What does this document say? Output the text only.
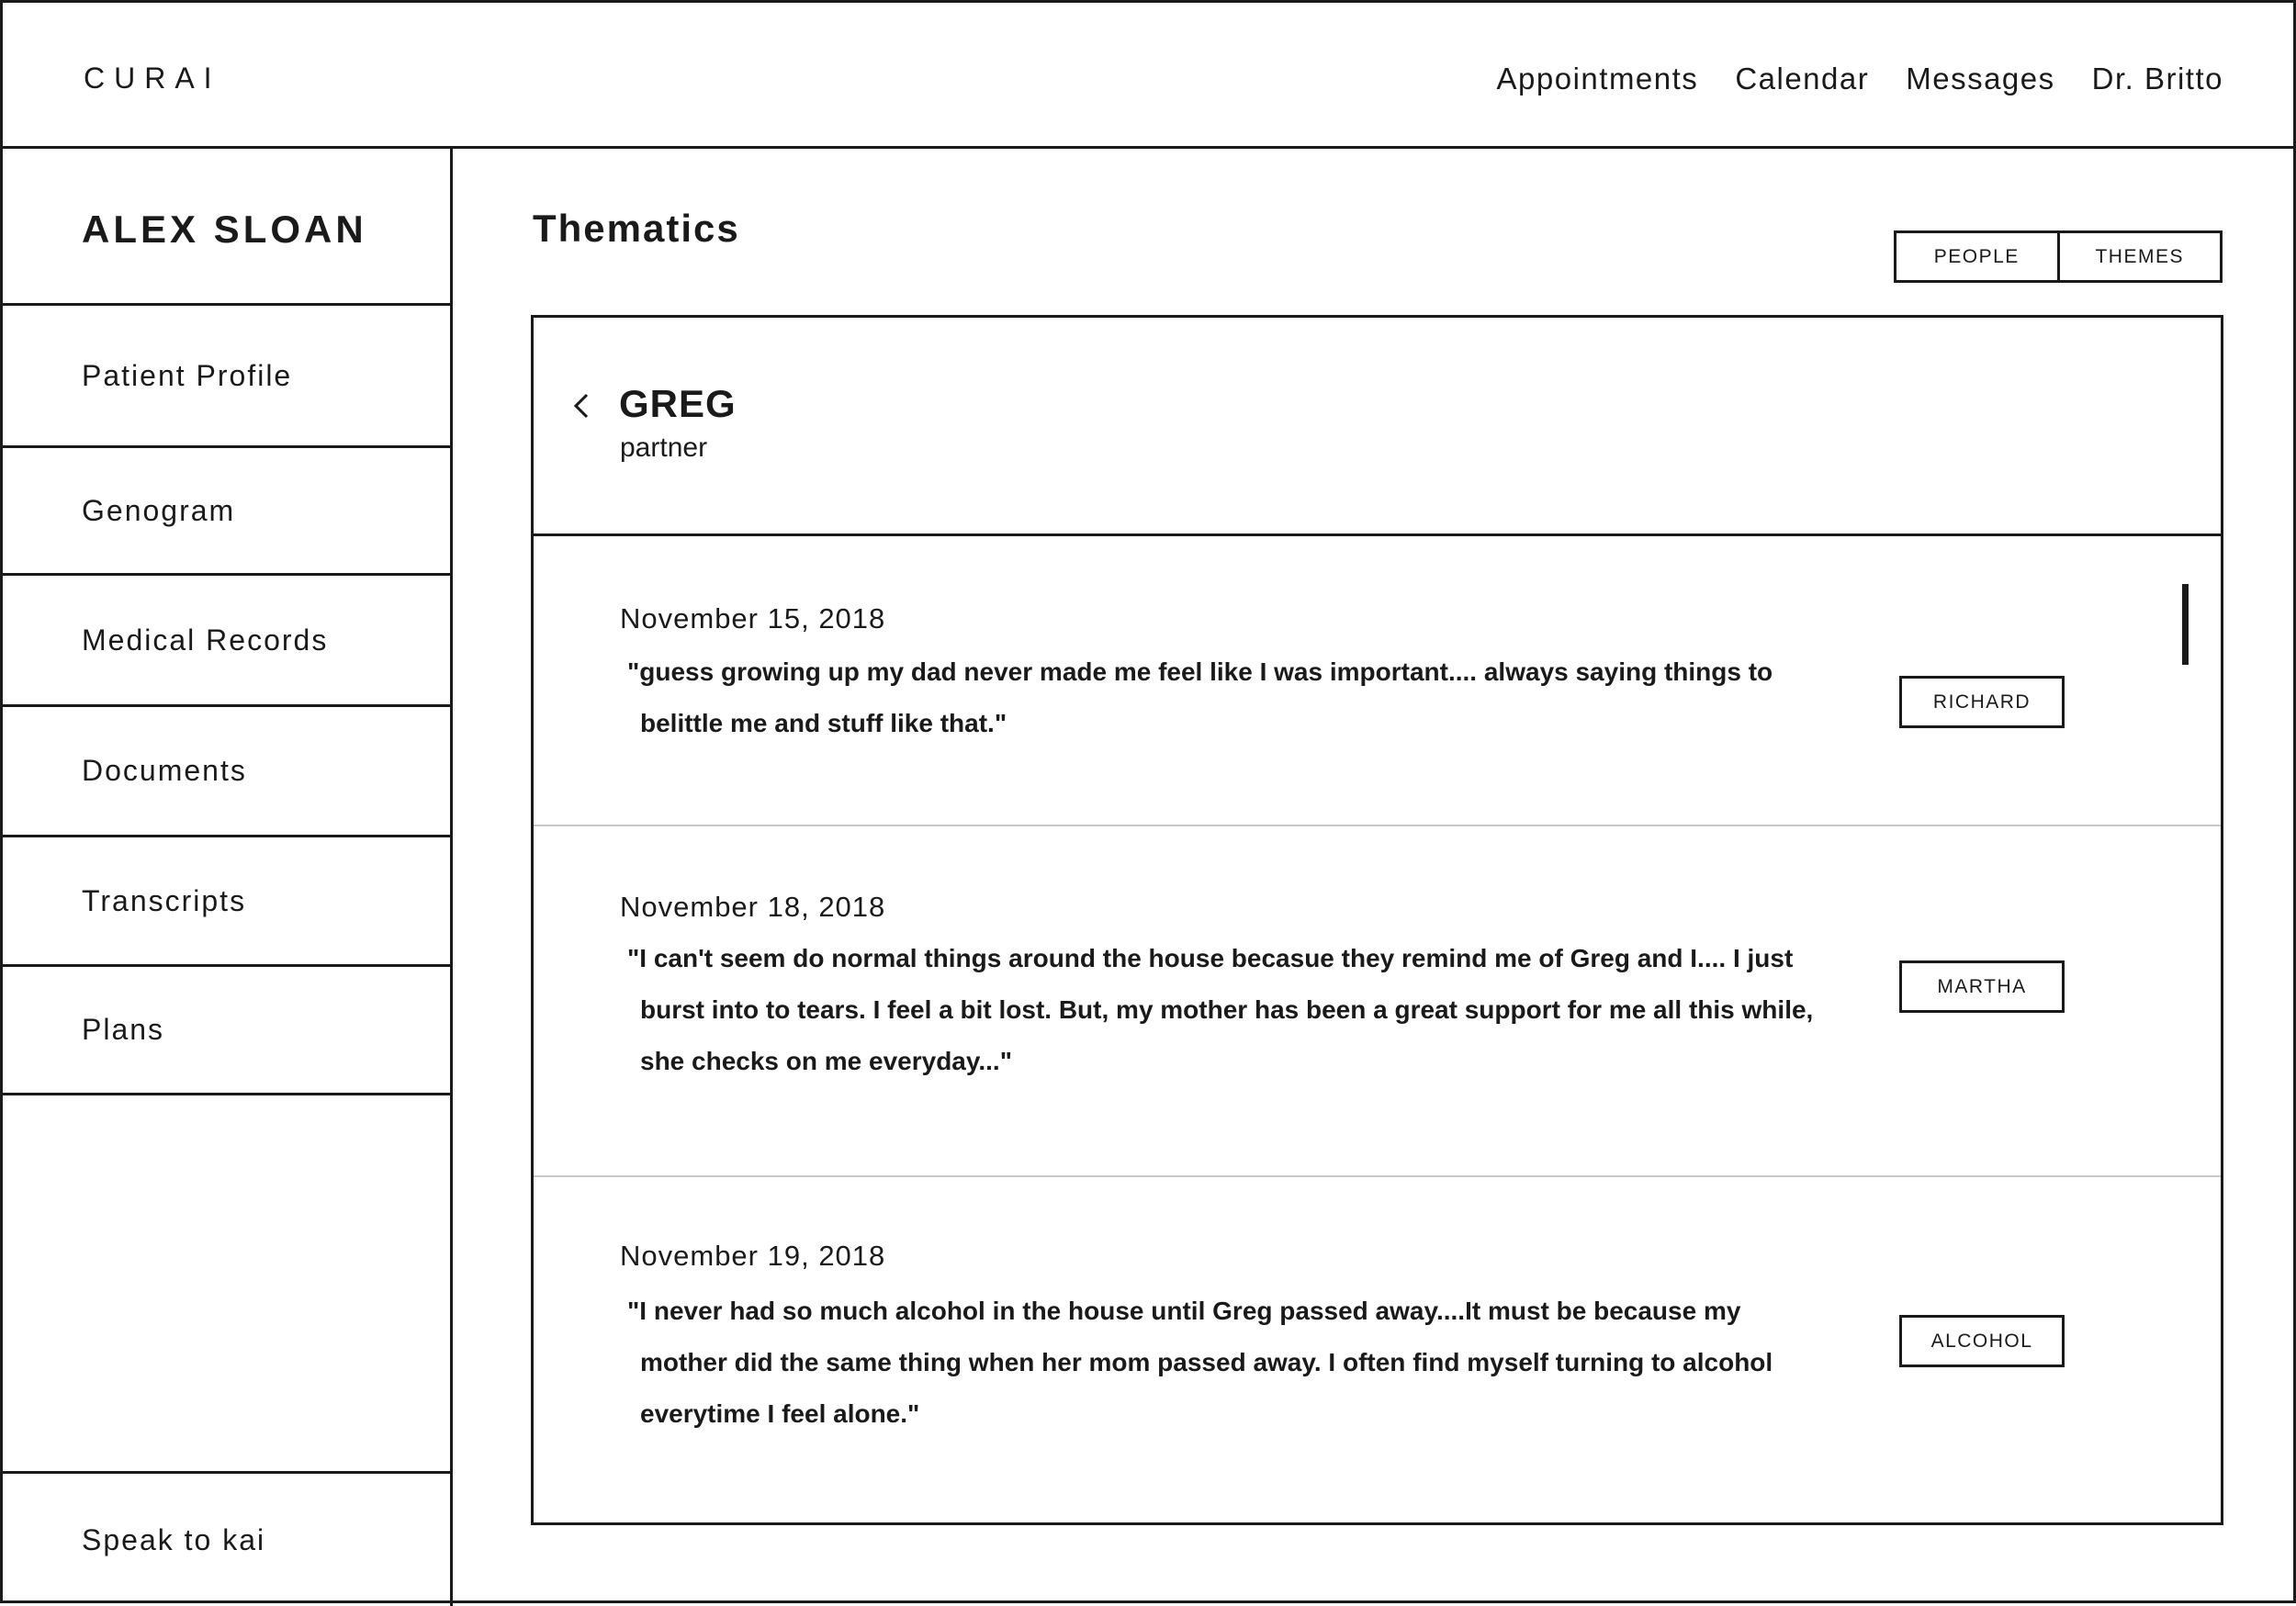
CURAI	Appointments Calendar Messages Dr. Britto
ALEX SLOAN
Patient Profile
Genogram
Medical Records
Documents
Transcripts
Plans
Speak to kai
Thematics
PEOPLE	THEMES
GREG
partner
November 15, 2018
"guess growing up my dad never made me feel like I was important.... always saying things to belittle me and stuff like that."
RICHARD
November 18, 2018
"I can't seem do normal things around the house becasue they remind me of Greg and I.... I just burst into to tears. I feel a bit lost. But, my mother has been a great support for me all this while, she checks on me everyday..."
MARTHA
November 19, 2018
"I never had so much alcohol in the house until Greg passed away....It must be because my mother did the same thing when her mom passed away. I often find myself turning to alcohol everytime I feel alone."
ALCOHOL
